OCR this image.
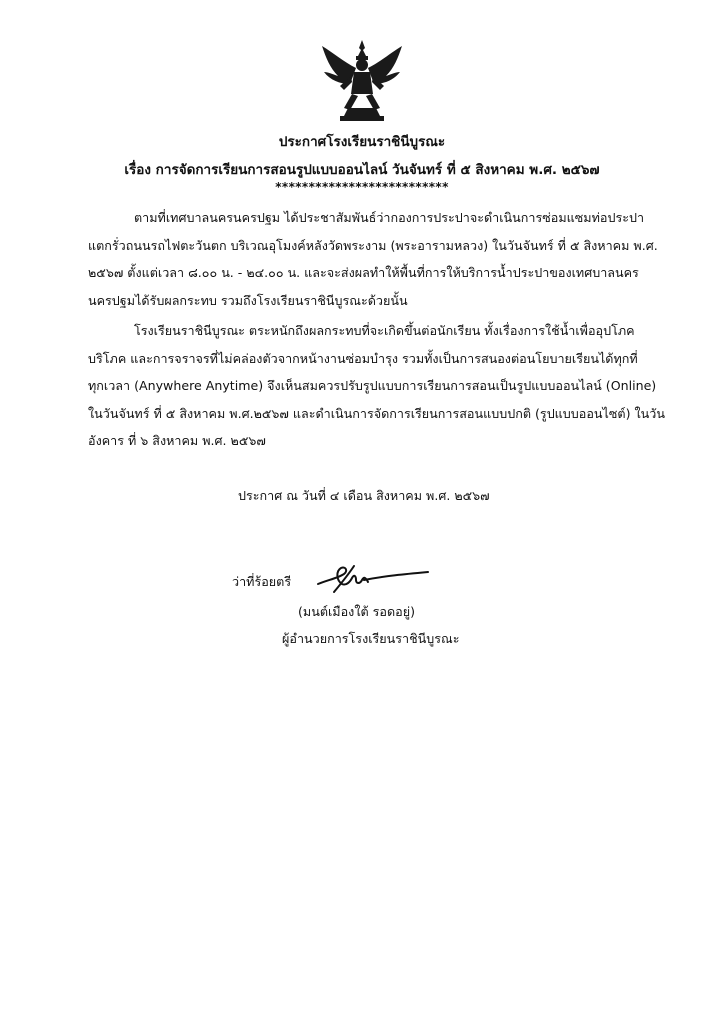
ประกาศโรงเรียนราชินีบูรณะ
เรื่อง การจัดการเรียนการสอนรูปแบบออนไลน์ วันจันทร์ ที่ ๕ สิงหาคม พ.ศ. ๒๕๖๗
**************************
ตามที่เทศบาลนครนครปฐม ได้ประชาสัมพันธ์ว่ากองการประปาจะดำเนินการซ่อมแซมท่อประปา
แตกรั่วถนนรถไฟตะวันตก บริเวณอุโมงค์หลังวัดพระงาม (พระอารามหลวง) ในวันจันทร์ ที่ ๕ สิงหาคม พ.ศ.
๒๕๖๗ ตั้งแต่เวลา ๘.๐๐ น. - ๒๔.๐๐ น. และจะส่งผลทำให้พื้นที่การให้บริการน้ำประปาของเทศบาลนคร
นครปฐมได้รับผลกระทบ รวมถึงโรงเรียนราชินีบูรณะด้วยนั้น
โรงเรียนราชินีบูรณะ ตระหนักถึงผลกระทบที่จะเกิดขึ้นต่อนักเรียน ทั้งเรื่องการใช้น้ำเพื่ออุปโภค
บริโภค และการจราจรที่ไม่คล่องตัวจากหน้างานซ่อมบำรุง รวมทั้งเป็นการสนองต่อนโยบายเรียนได้ทุกที่
ทุกเวลา (Anywhere Anytime) จึงเห็นสมควรปรับรูปแบบการเรียนการสอนเป็นรูปแบบออนไลน์ (Online)
ในวันจันทร์ ที่ ๕ สิงหาคม พ.ศ.๒๕๖๗ และดำเนินการจัดการเรียนการสอนแบบปกติ (รูปแบบออนไซต์) ในวัน
อังคาร ที่ ๖ สิงหาคม พ.ศ. ๒๕๖๗
ประกาศ ณ วันที่ ๔ เดือน สิงหาคม พ.ศ. ๒๕๖๗
ว่าที่ร้อยตรี
(มนต์เมืองใต้ รอดอยู่)
ผู้อำนวยการโรงเรียนราชินีบูรณะ
